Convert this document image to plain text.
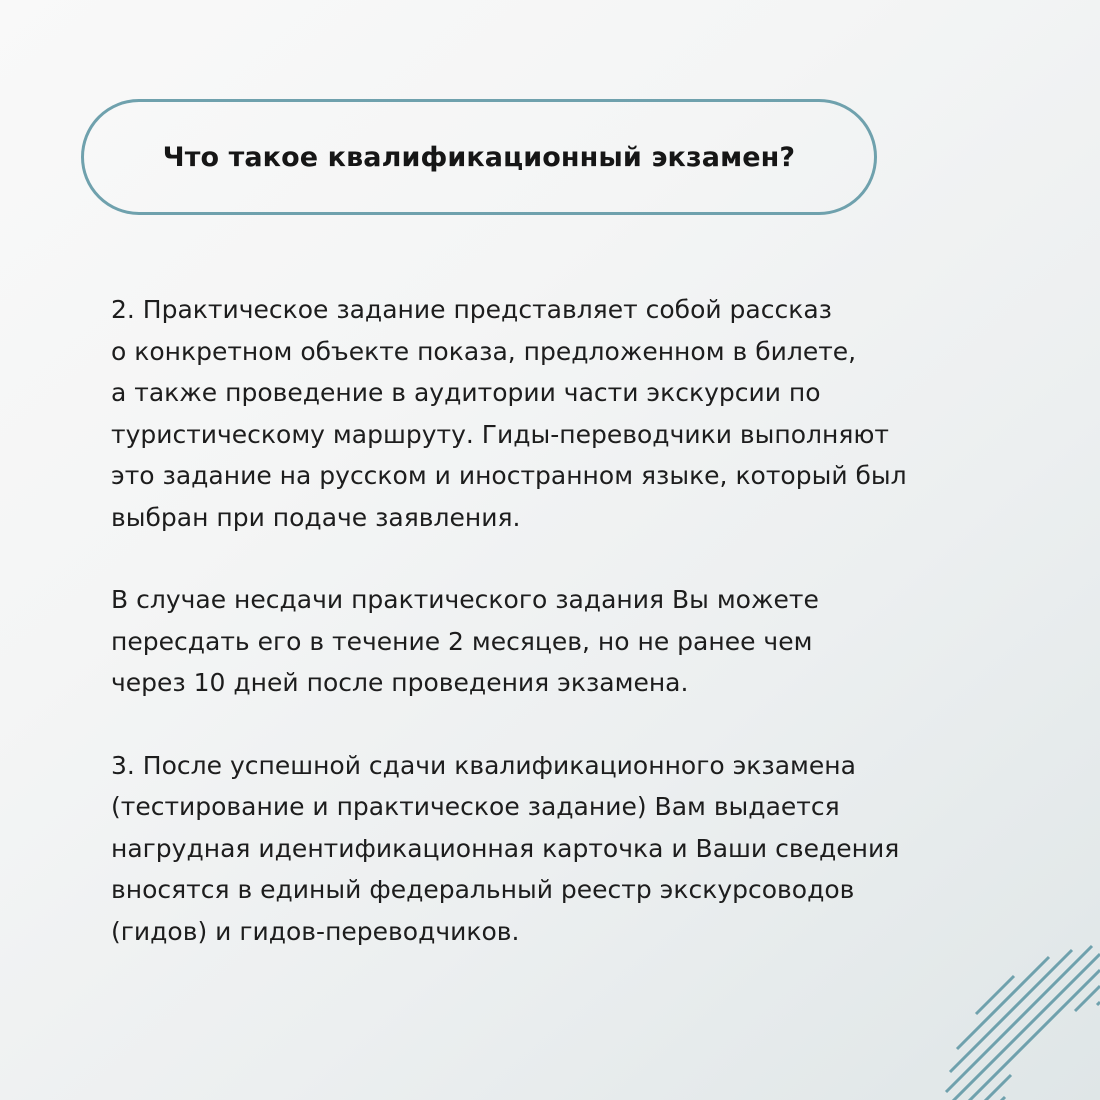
Что такое квалификационный экзамен?

2. Практическое задание представляет собой рассказ
о конкретном объекте показа, предложенном в билете,
а также проведение в аудитории части экскурсии по
туристическому маршруту. Гиды-переводчики выполняют
это задание на русском и иностранном языке, который был
выбран при подаче заявления.

В случае несдачи практического задания Вы можете
пересдать его в течение 2 месяцев, но не ранее чем
через 10 дней после проведения экзамена.

3. После успешной сдачи квалификационного экзамена
(тестирование и практическое задание) Вам выдается
нагрудная идентификационная карточка и Ваши сведения
вносятся в единый федеральный реестр экскурсоводов
(гидов) и гидов-переводчиков.
